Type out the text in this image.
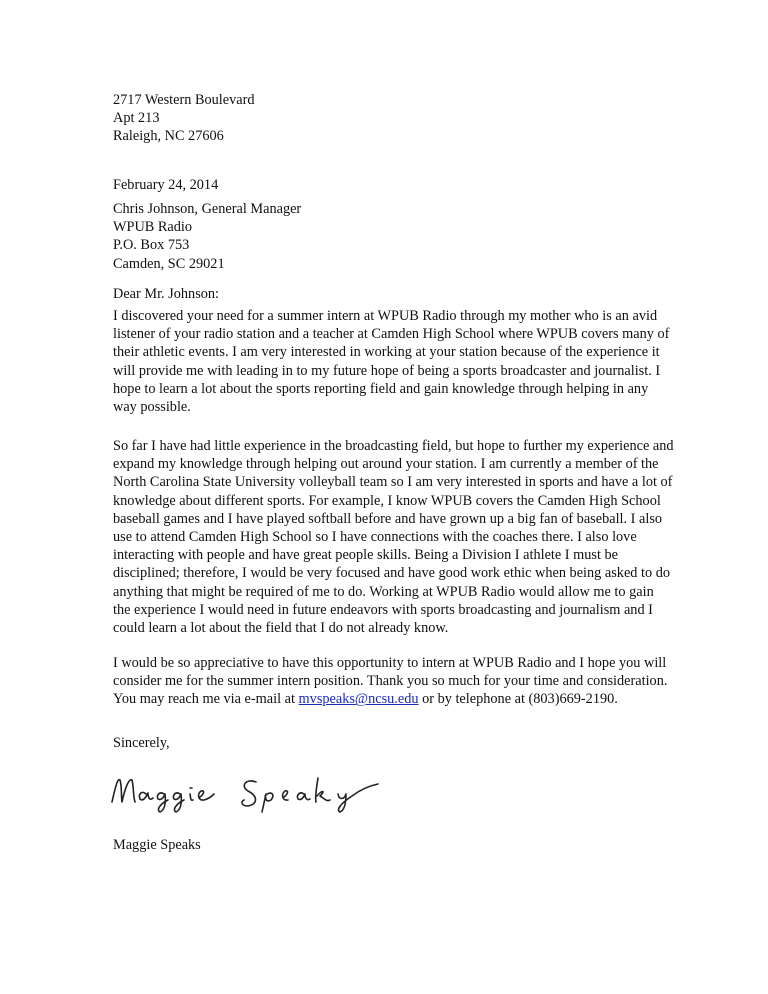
2717 Western Boulevard
Apt 213
Raleigh, NC 27606
February 24, 2014
Chris Johnson, General Manager
WPUB Radio
P.O. Box 753
Camden, SC 29021
Dear Mr. Johnson:
I discovered your need for a summer intern at WPUB Radio through my mother who is an avid
listener of your radio station and a teacher at Camden High School where WPUB covers many of
their athletic events. I am very interested in working at your station because of the experience it
will provide me with leading in to my future hope of being a sports broadcaster and journalist. I
hope to learn a lot about the sports reporting field and gain knowledge through helping in any
way possible.
So far I have had little experience in the broadcasting field, but hope to further my experience and
expand my knowledge through helping out around your station. I am currently a member of the
North Carolina State University volleyball team so I am very interested in sports and have a lot of
knowledge about different sports. For example, I know WPUB covers the Camden High School
baseball games and I have played softball before and have grown up a big fan of baseball. I also
use to attend Camden High School so I have connections with the coaches there. I also love
interacting with people and have great people skills. Being a Division I athlete I must be
disciplined; therefore, I would be very focused and have good work ethic when being asked to do
anything that might be required of me to do. Working at WPUB Radio would allow me to gain
the experience I would need in future endeavors with sports broadcasting and journalism and I
could learn a lot about the field that I do not already know.
I would be so appreciative to have this opportunity to intern at WPUB Radio and I hope you will
consider me for the summer intern position. Thank you so much for your time and consideration.
You may reach me via e-mail at mvspeaks@ncsu.edu or by telephone at (803)669-2190.
Sincerely,
Maggie Speaks
